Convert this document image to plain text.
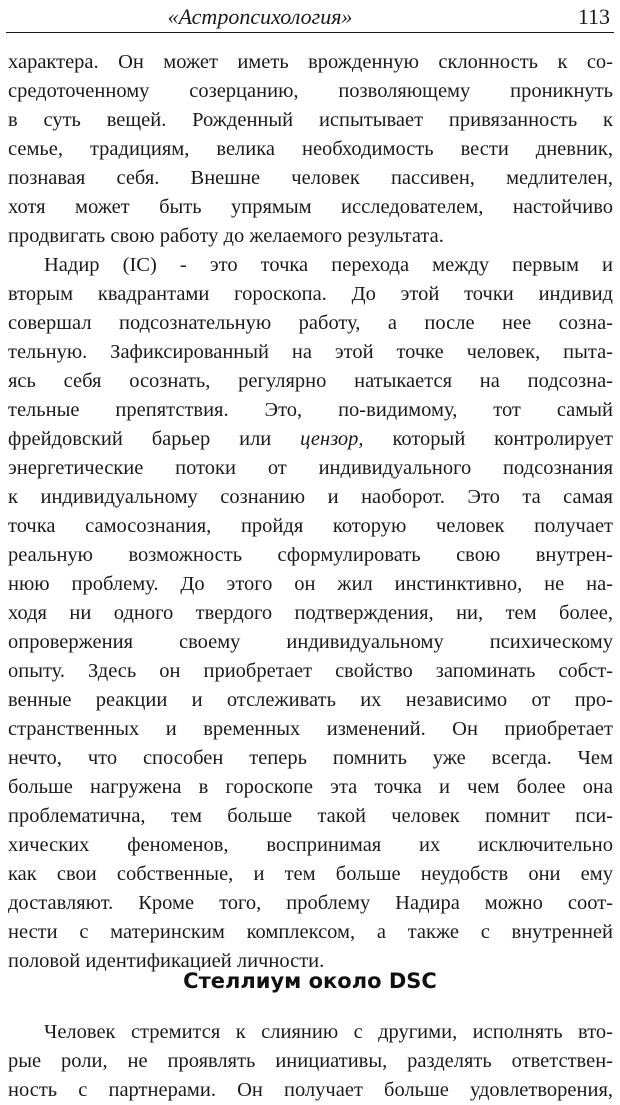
«Астропсихология»	113
характера. Он может иметь врожденную склонность к со-
средоточенному созерцанию, позволяющему проникнуть
в суть вещей. Рожденный испытывает привязанность к
семье, традициям, велика необходимость вести дневник,
познавая себя. Внешне человек пассивен, медлителен,
хотя может быть упрямым исследователем, настойчиво
продвигать свою работу до желаемого результата.
Надир (IC) - это точка перехода между первым и
вторым квадрантами гороскопа. До этой точки индивид
совершал подсознательную работу, а после нее созна-
тельную. Зафиксированный на этой точке человек, пыта-
ясь себя осознать, регулярно натыкается на подсозна-
тельные препятствия. Это, по-видимому, тот самый
фрейдовский барьер или цензор, который контролирует
энергетические потоки от индивидуального подсознания
к индивидуальному сознанию и наоборот. Это та самая
точка самосознания, пройдя которую человек получает
реальную возможность сформулировать свою внутрен-
нюю проблему. До этого он жил инстинктивно, не на-
ходя ни одного твердого подтверждения, ни, тем более,
опровержения своему индивидуальному психическому
опыту. Здесь он приобретает свойство запоминать собст-
венные реакции и отслеживать их независимо от про-
странственных и временных изменений. Он приобретает
нечто, что способен теперь помнить уже всегда. Чем
больше нагружена в гороскопе эта точка и чем более она
проблематична, тем больше такой человек помнит пси-
хических феноменов, воспринимая их исключительно
как свои собственные, и тем больше неудобств они ему
доставляют. Кроме того, проблему Надира можно соот-
нести с материнским комплексом, а также с внутренней
половой идентификацией личности.
Стеллиум около DSC
Человек стремится к слиянию с другими, исполнять вто-
рые роли, не проявлять инициативы, разделять ответствен-
ность с партнерами. Он получает больше удовлетворения,
